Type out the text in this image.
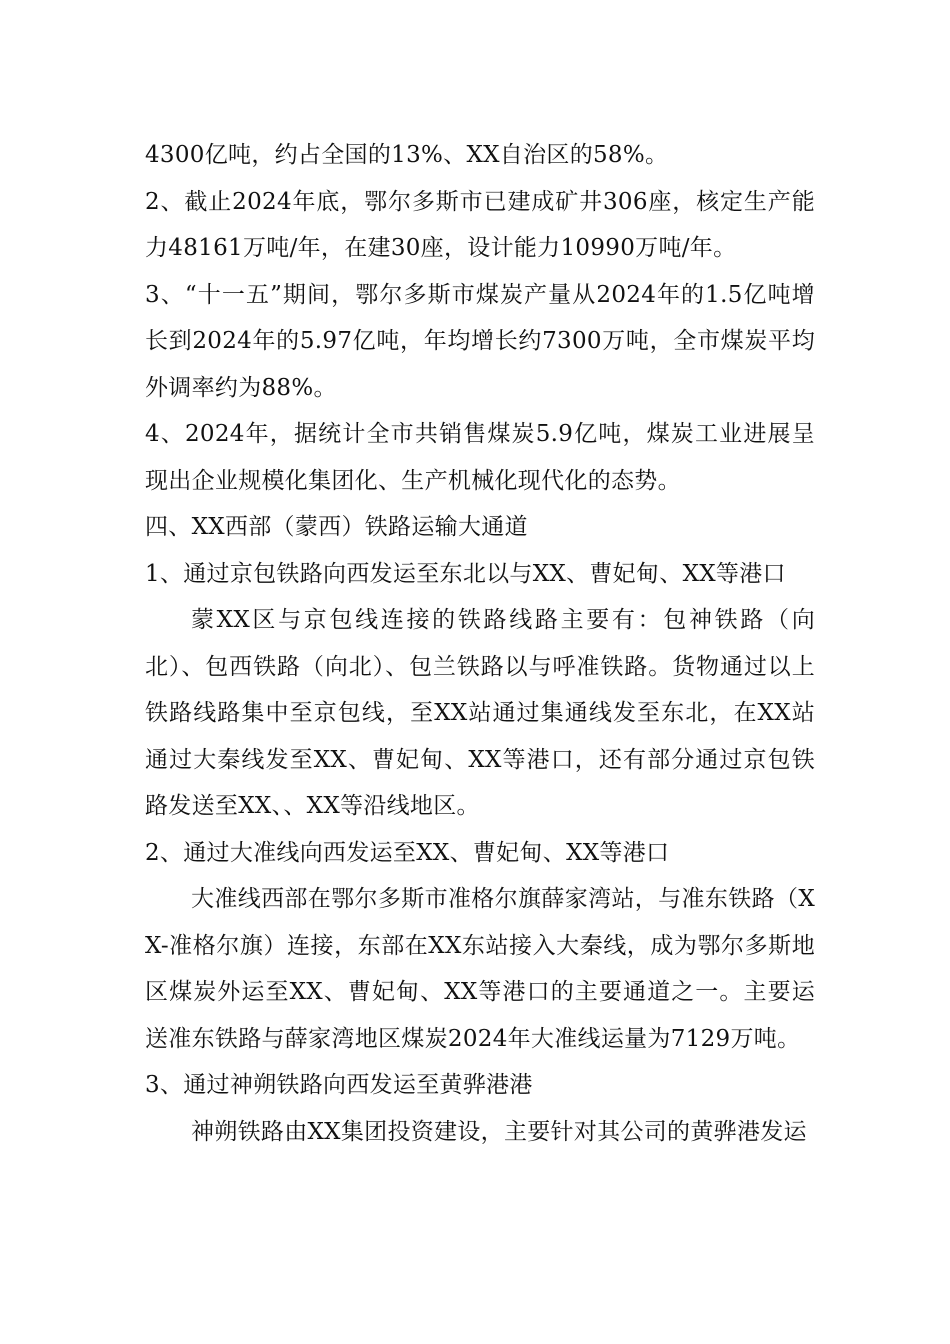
4300亿吨，约占全国的13%、XX自治区的58%。

2、截止2024年底，鄂尔多斯市已建成矿井306座，核定生产能力48161万吨/年，在建30座，设计能力10990万吨/年。

3、“十一五”期间，鄂尔多斯市煤炭产量从2024年的1.5亿吨增长到2024年的5.97亿吨，年均增长约7300万吨，全市煤炭平均外调率约为88%。

4、2024年，据统计全市共销售煤炭5.9亿吨，煤炭工业进展呈现出企业规模化集团化、生产机械化现代化的态势。

四、XX西部（蒙西）铁路运输大通道

1、通过京包铁路向西发运至东北以与XX、曹妃甸、XX等港口

蒙XX区与京包线连接的铁路线路主要有：包神铁路（向北）、包西铁路（向北）、包兰铁路以与呼准铁路。货物通过以上铁路线路集中至京包线，至XX站通过集通线发至东北，在XX站通过大秦线发至XX、曹妃甸、XX等港口，还有部分通过京包铁路发送至XX、、XX等沿线地区。

2、通过大准线向西发运至XX、曹妃甸、XX等港口

大准线西部在鄂尔多斯市准格尔旗薛家湾站，与准东铁路（XX-准格尔旗）连接，东部在XX东站接入大秦线，成为鄂尔多斯地区煤炭外运至XX、曹妃甸、XX等港口的主要通道之一。主要运送准东铁路与薛家湾地区煤炭2024年大准线运量为7129万吨。

3、通过神朔铁路向西发运至黄骅港港

神朔铁路由XX集团投资建设，主要针对其公司的黄骅港发运
